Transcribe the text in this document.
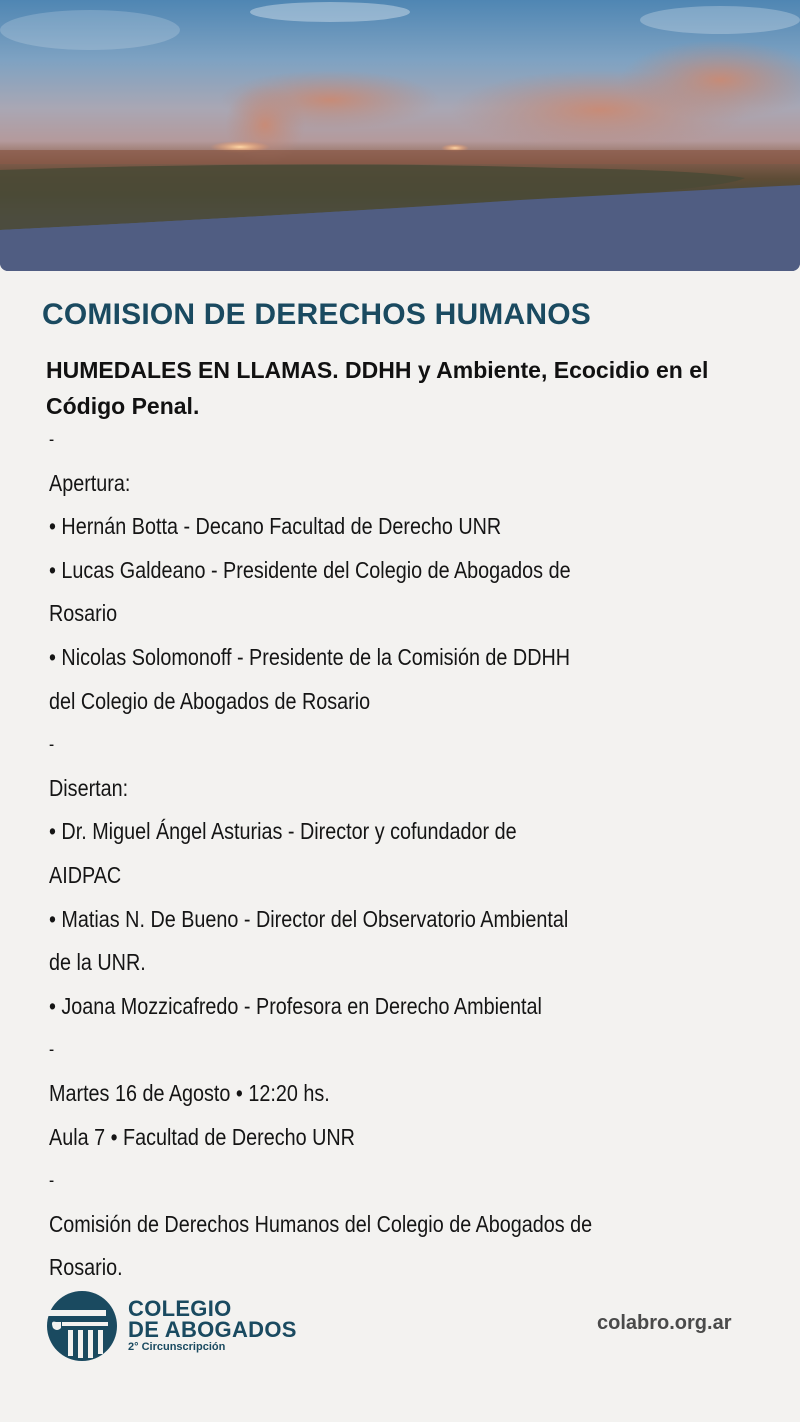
COMISION DE DERECHOS HUMANOS
HUMEDALES EN LLAMAS. DDHH y Ambiente, Ecocidio en el Código Penal.
-
Apertura:
• Hernán Botta - Decano Facultad de Derecho UNR
• Lucas Galdeano - Presidente del Colegio de Abogados de
Rosario
• Nicolas Solomonoff - Presidente de la Comisión de DDHH
del Colegio de Abogados de Rosario
-
Disertan:
• Dr. Miguel Ángel Asturias - Director y cofundador de
AIDPAC
• Matias N. De Bueno - Director del Observatorio Ambiental
de la UNR.
• Joana Mozzicafredo - Profesora en Derecho Ambiental
-
Martes 16 de Agosto • 12:20 hs.
Aula 7 • Facultad de Derecho UNR
-
Comisión de Derechos Humanos del Colegio de Abogados de
Rosario.
COLEGIO
DE ABOGADOS
2° Circunscripción
colabro.org.ar
